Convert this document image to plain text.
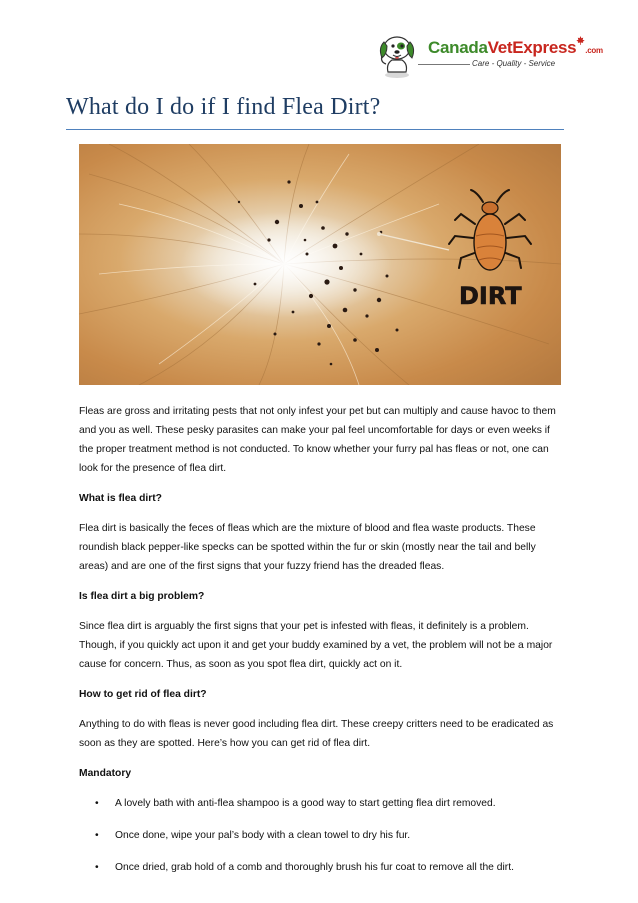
CanadaVetExpress .com
Care - Quality - Service
What do I do if I find Flea Dirt?
DIRT

Fleas are gross and irritating pests that not only infest your pet but can multiply and cause havoc to them and you as well. These pesky parasites can make your pal feel uncomfortable for days or even weeks if the proper treatment method is not conducted. To know whether your furry pal has fleas or not, one can look for the presence of flea dirt.

What is flea dirt?

Flea dirt is basically the feces of fleas which are the mixture of blood and flea waste products. These roundish black pepper-like specks can be spotted within the fur or skin (mostly near the tail and belly areas) and are one of the first signs that your fuzzy friend has the dreaded fleas.

Is flea dirt a big problem?

Since flea dirt is arguably the first signs that your pet is infested with fleas, it definitely is a problem. Though, if you quickly act upon it and get your buddy examined by a vet, the problem will not be a major cause for concern. Thus, as soon as you spot flea dirt, quickly act on it.

How to get rid of flea dirt?

Anything to do with fleas is never good including flea dirt. These creepy critters need to be eradicated as soon as they are spotted. Here’s how you can get rid of flea dirt.

Mandatory

• A lovely bath with anti-flea shampoo is a good way to start getting flea dirt removed.
• Once done, wipe your pal’s body with a clean towel to dry his fur.
• Once dried, grab hold of a comb and thoroughly brush his fur coat to remove all the dirt.
